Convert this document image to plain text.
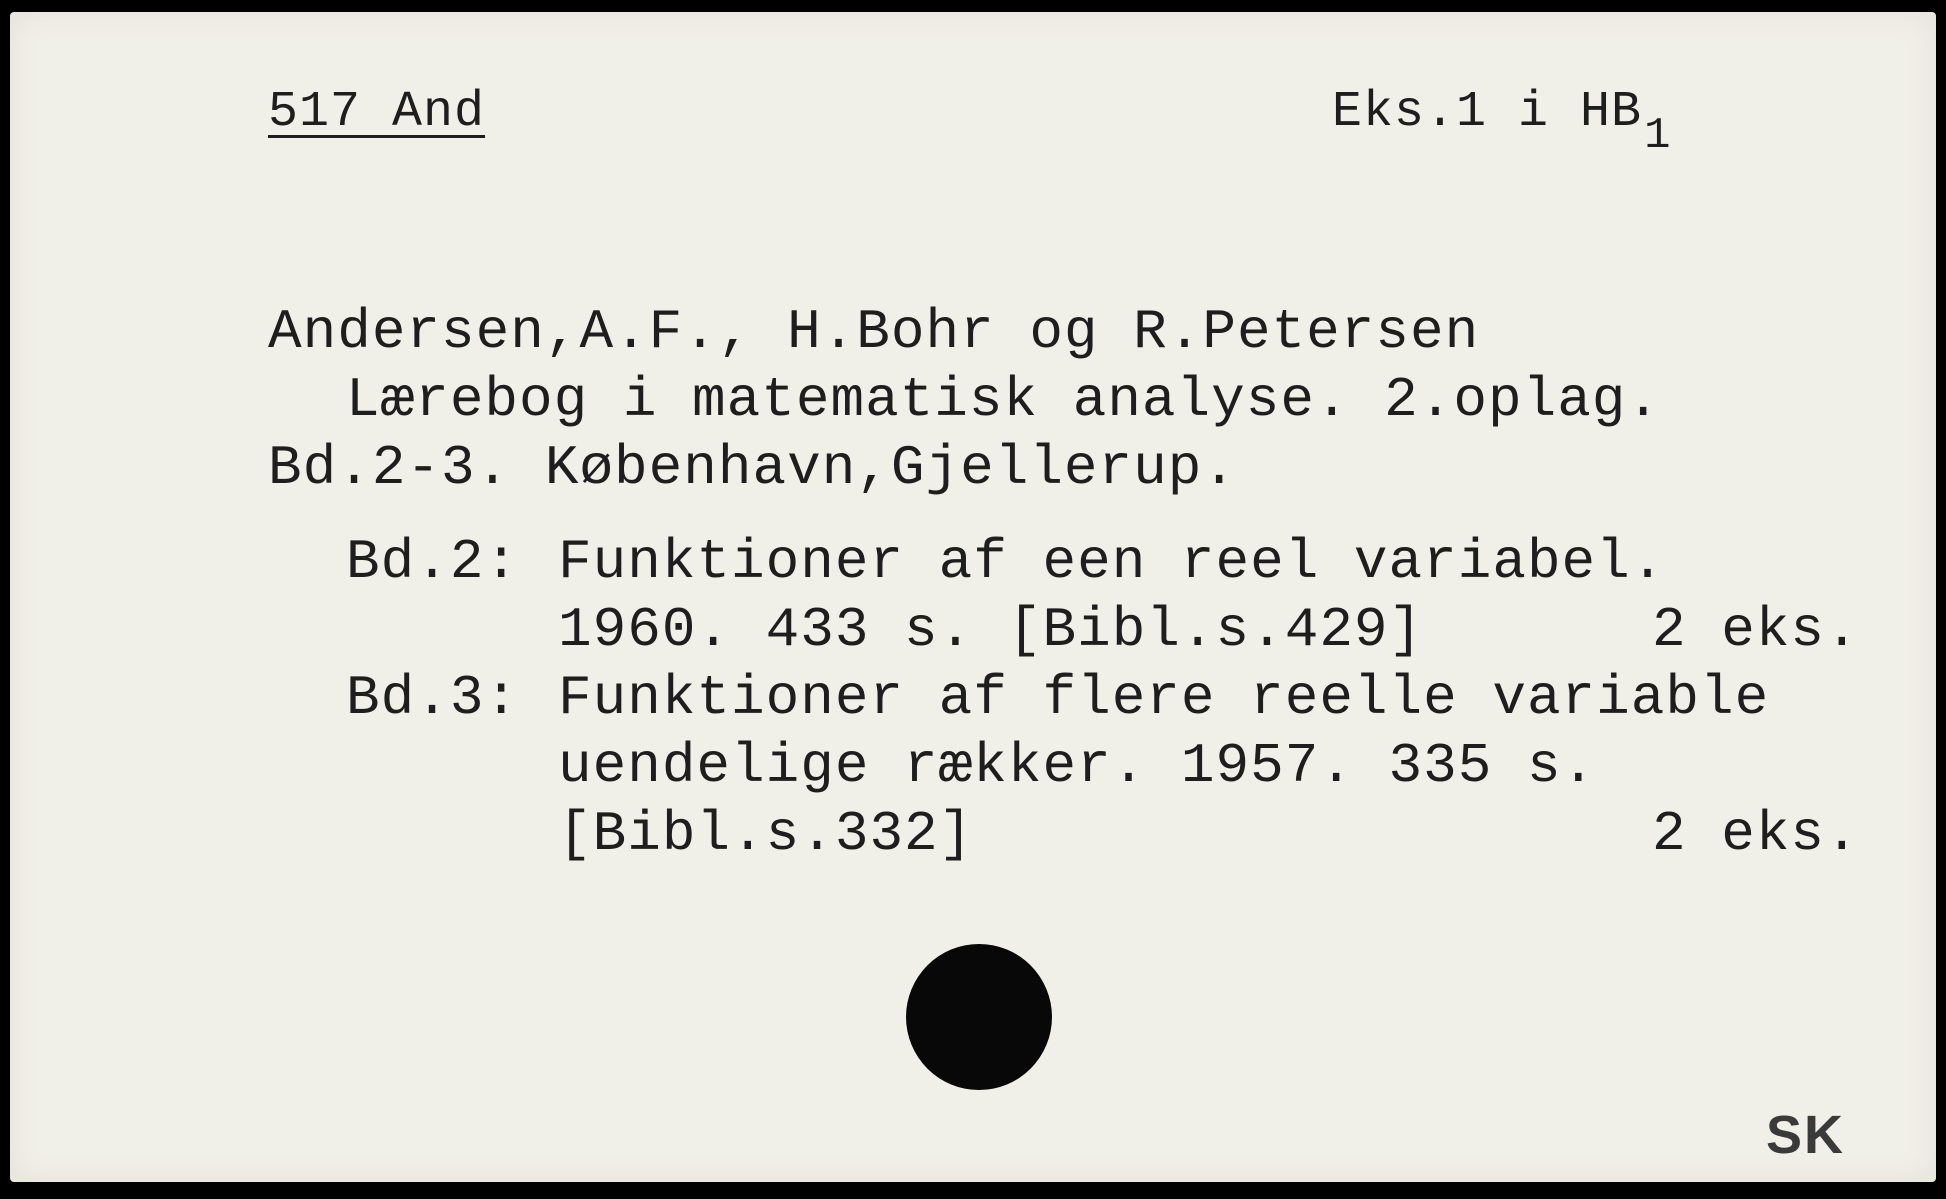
517 And	Eks.1 i HB1
Andersen,A.F., H.Bohr og R.Petersen
Lærebog i matematisk analyse. 2.oplag.
Bd.2-3. København,Gjellerup.
Bd.2: Funktioner af een reel variabel.
1960. 433 s. [Bibl.s.429]	2 eks.
Bd.3: Funktioner af flere reelle variable
uendelige rækker. 1957. 335 s.
[Bibl.s.332]	2 eks.
SK
